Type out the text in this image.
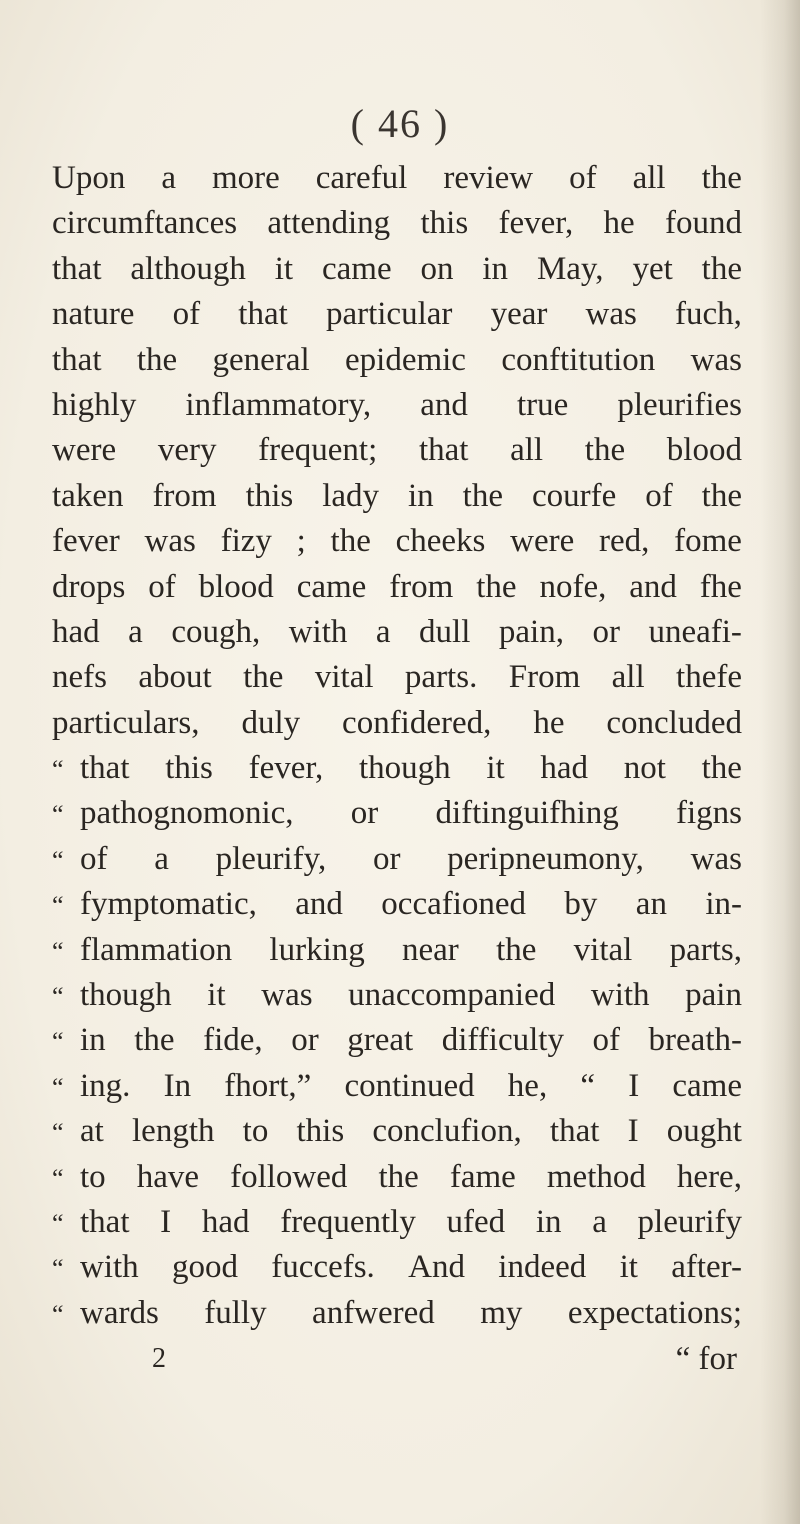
( 46 )
Upon a more careful review of all the
circumftances attending this fever, he found
that although it came on in May, yet the
nature of that particular year was fuch,
that the general epidemic conftitution was
highly inflammatory, and true pleurifies
were very frequent; that all the blood
taken from this lady in the courfe of the
fever was fizy ; the cheeks were red, fome
drops of blood came from the nofe, and fhe
had a cough, with a dull pain, or uneafi-
nefs about the vital parts. From all thefe
particulars, duly confidered, he concluded
“ that this fever, though it had not the
“ pathognomonic, or diftinguifhing figns
“ of a pleurify, or peripneumony, was
“ fymptomatic, and occafioned by an in-
“ flammation lurking near the vital parts,
“ though it was unaccompanied with pain
“ in the fide, or great difficulty of breath-
“ ing. In fhort,” continued he, “ I came
“ at length to this conclufion, that I ought
“ to have followed the fame method here,
“ that I had frequently ufed in a pleurify
“ with good fuccefs. And indeed it after-
“ wards fully anfwered my expectations;
2	“ for
